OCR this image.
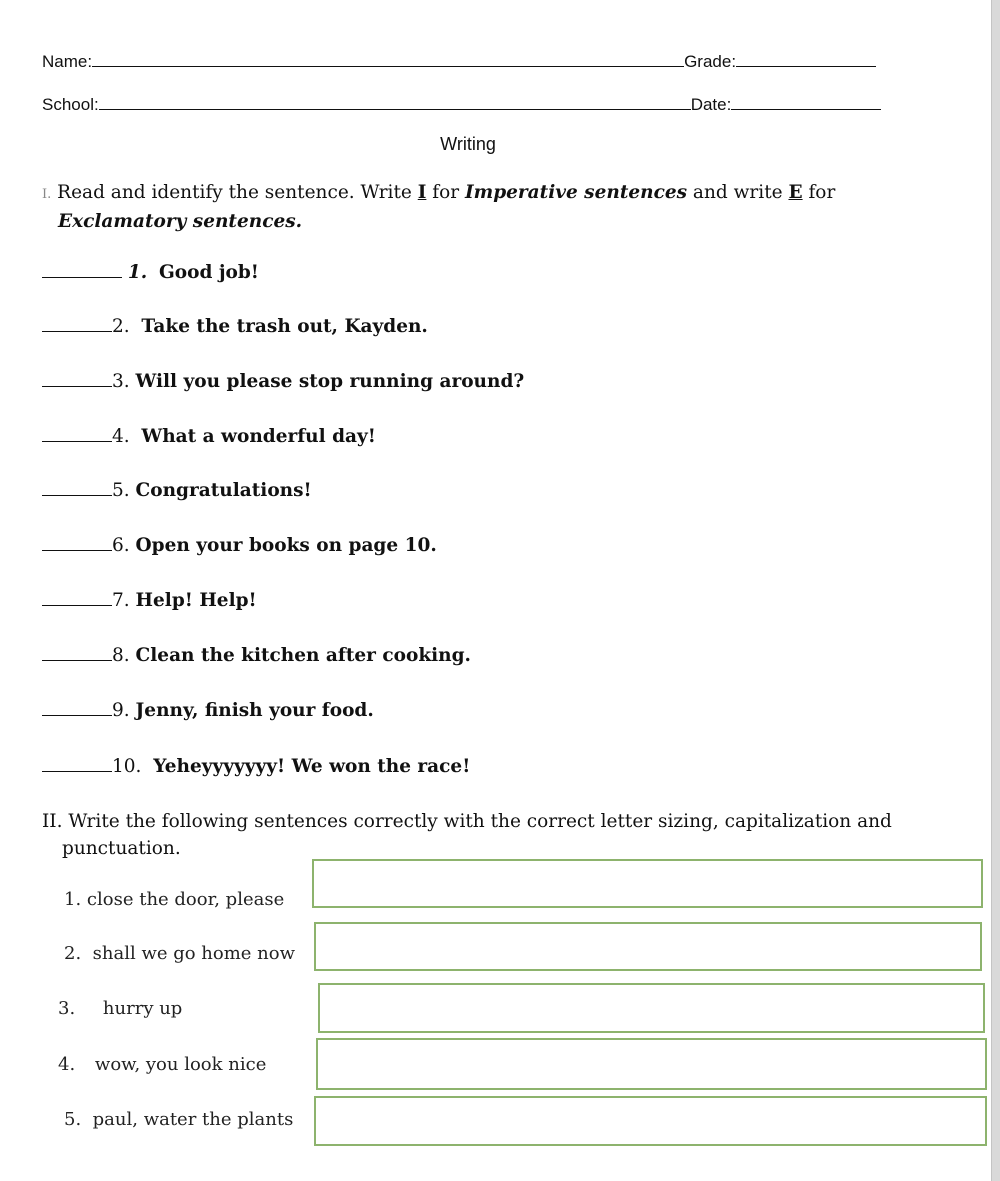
Name:	Grade:
School:	Date:
Writing
I. Read and identify the sentence. Write I for Imperative sentences and write E for
Exclamatory sentences.
1. Good job!
2. Take the trash out, Kayden.
3. Will you please stop running around?
4. What a wonderful day!
5. Congratulations!
6. Open your books on page 10.
7. Help! Help!
8. Clean the kitchen after cooking.
9. Jenny, finish your food.
10. Yeheyyyyyyy! We won the race!
II. Write the following sentences correctly with the correct letter sizing, capitalization and
punctuation.
1. close the door, please
2. shall we go home now
3. hurry up
4. wow, you look nice
5. paul, water the plants
